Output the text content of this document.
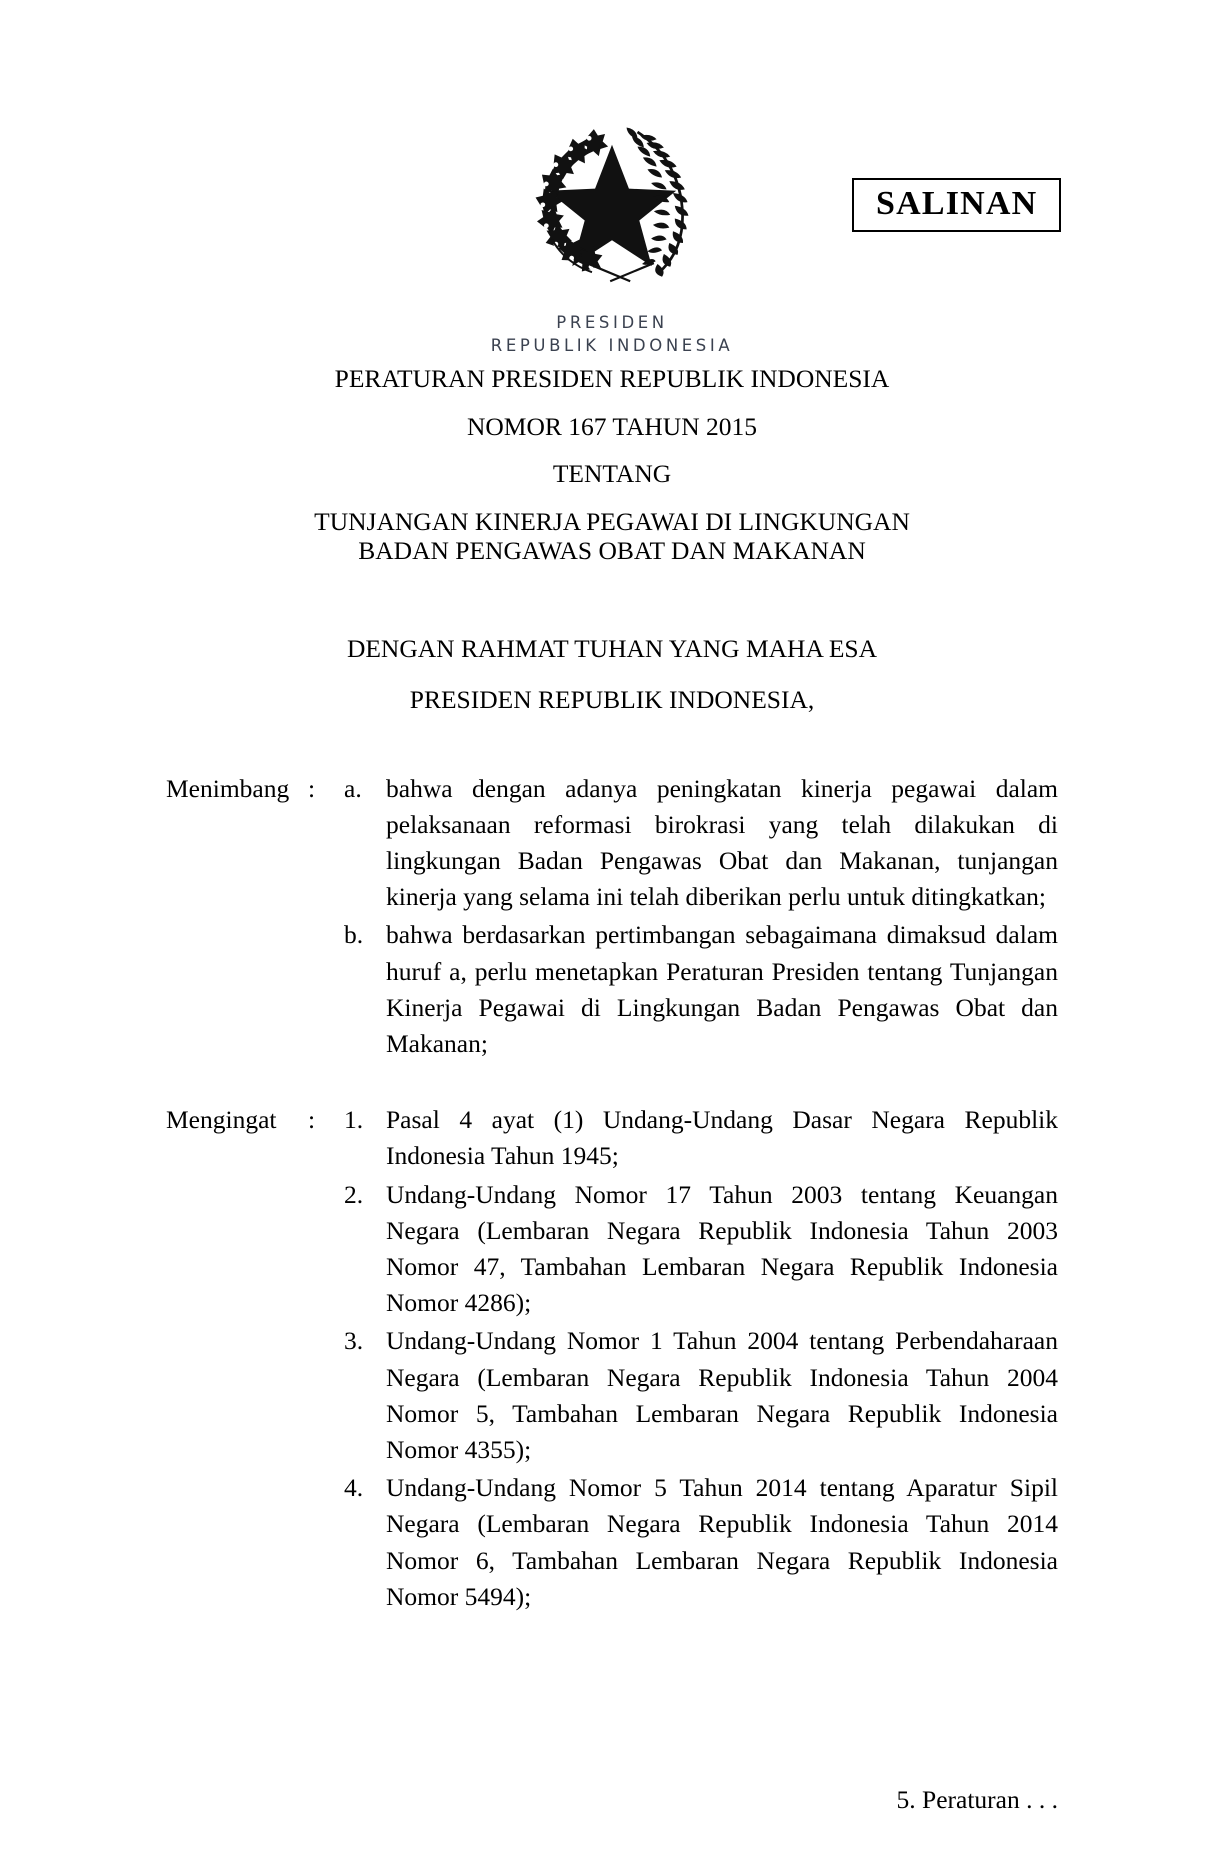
SALINAN
PRESIDEN
REPUBLIK INDONESIA
PERATURAN PRESIDEN REPUBLIK INDONESIA
NOMOR 167 TAHUN 2015
TENTANG
TUNJANGAN KINERJA PEGAWAI DI LINGKUNGAN
BADAN PENGAWAS OBAT DAN MAKANAN
DENGAN RAHMAT TUHAN YANG MAHA ESA
PRESIDEN REPUBLIK INDONESIA,
Menimbang :	a. bahwa dengan adanya peningkatan kinerja pegawai dalam pelaksanaan reformasi birokrasi yang telah dilakukan di lingkungan Badan Pengawas Obat dan Makanan, tunjangan kinerja yang selama ini telah diberikan perlu untuk ditingkatkan;
b. bahwa berdasarkan pertimbangan sebagaimana dimaksud dalam huruf a, perlu menetapkan Peraturan Presiden tentang Tunjangan Kinerja Pegawai di Lingkungan Badan Pengawas Obat dan Makanan;
Mengingat	:	1. Pasal 4 ayat (1) Undang-Undang Dasar Negara Republik Indonesia Tahun 1945;
2. Undang-Undang Nomor 17 Tahun 2003 tentang Keuangan Negara (Lembaran Negara Republik Indonesia Tahun 2003 Nomor 47, Tambahan Lembaran Negara Republik Indonesia Nomor 4286);
3. Undang-Undang Nomor 1 Tahun 2004 tentang Perbendaharaan Negara (Lembaran Negara Republik Indonesia Tahun 2004 Nomor 5, Tambahan Lembaran Negara Republik Indonesia Nomor 4355);
4. Undang-Undang Nomor 5 Tahun 2014 tentang Aparatur Sipil Negara (Lembaran Negara Republik Indonesia Tahun 2014 Nomor 6, Tambahan Lembaran Negara Republik Indonesia Nomor 5494);
5. Peraturan . . .
